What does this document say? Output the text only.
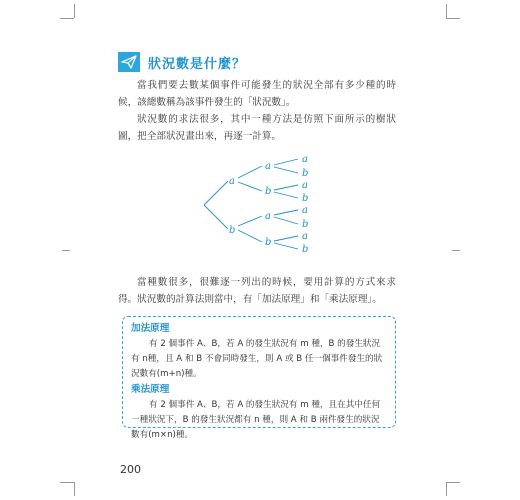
狀況數是什麼？
當我們要去數某個事件可能發生的狀況全部有多少種的時候，該總數稱為該事件發生的「狀況數」。
狀況數的求法很多，其中一種方法是仿照下面所示的樹狀圖，把全部狀況畫出來，再逐一計算。
a
b
a
b
a
b
a
b
a
b
a
b
a
b
當種數很多，很難逐一列出的時候，要用計算的方式來求得。狀況數的計算法則當中，有「加法原理」和「乘法原理」。
加法原理
有 2 個事件 A、B，若 A 的發生狀況有 m 種，B 的發生狀況有 n種，且 A 和 B 不會同時發生，則 A 或 B 任一個事件發生的狀況數有(m+n)種。
乘法原理
有 2 個事件 A、B，若 A 的發生狀況有 m 種，且在其中任何一種狀況下，B 的發生狀況都有 n 種，則 A 和 B 兩件發生的狀況數有(m×n)種。
200
